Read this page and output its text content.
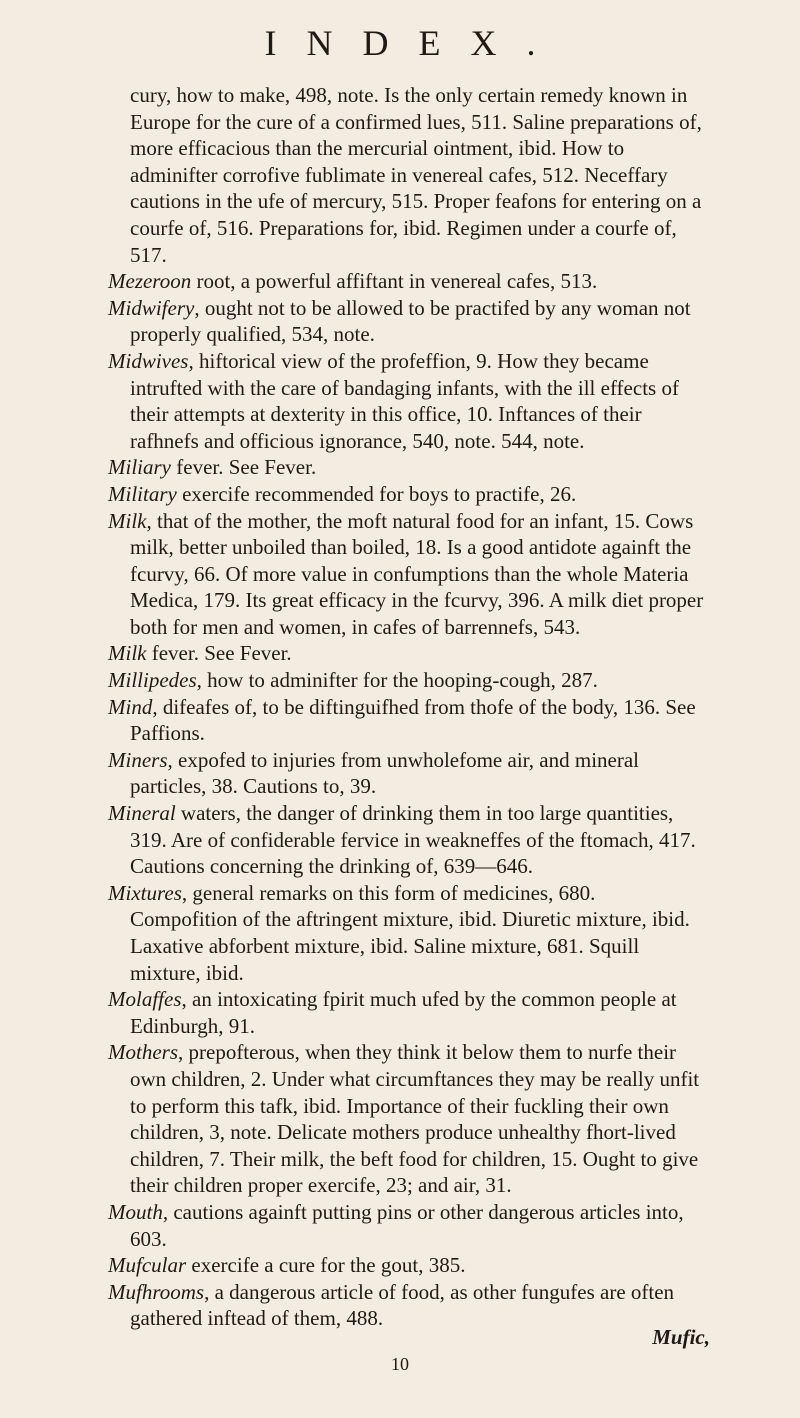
INDEX.

cury, how to make, 498, note. Is the only certain remedy known in Europe for the cure of a confirmed lues, 511. Saline preparations of, more efficacious than the mercurial ointment, ibid. How to adminifter corrofive fublimate in venereal cafes, 512. Neceffary cautions in the ufe of mercury, 515. Proper feafons for entering on a courfe of, 516. Preparations for, ibid. Regimen under a courfe of, 517.

Mezeroon root, a powerful affiftant in venereal cafes, 513.

Midwifery, ought not to be allowed to be practifed by any woman not properly qualified, 534, note.

Midwives, hiftorical view of the profeffion, 9. How they became intrufted with the care of bandaging infants, with the ill effects of their attempts at dexterity in this office, 10. Inftances of their rafhnefs and officious ignorance, 540, note. 544, note.

Miliary fever. See Fever.

Military exercife recommended for boys to practife, 26.

Milk, that of the mother, the moft natural food for an infant, 15. Cows milk, better unboiled than boiled, 18. Is a good antidote againft the fcurvy, 66. Of more value in confumptions than the whole Materia Medica, 179. Its great efficacy in the fcurvy, 396. A milk diet proper both for men and women, in cafes of barrennefs, 543.

Milk fever. See Fever.

Millipedes, how to adminifter for the hooping-cough, 287.

Mind, difeafes of, to be diftinguifhed from thofe of the body, 136. See Paffions.

Miners, expofed to injuries from unwholefome air, and mineral particles, 38. Cautions to, 39.

Mineral waters, the danger of drinking them in too large quantities, 319. Are of confiderable fervice in weakneffes of the ftomach, 417. Cautions concerning the drinking of, 639—646.

Mixtures, general remarks on this form of medicines, 680. Compofition of the aftringent mixture, ibid. Diuretic mixture, ibid. Laxative abforbent mixture, ibid. Saline mixture, 681. Squill mixture, ibid.

Molaffes, an intoxicating fpirit much ufed by the common people at Edinburgh, 91.

Mothers, prepofterous, when they think it below them to nurfe their own children, 2. Under what circumftances they may be really unfit to perform this tafk, ibid. Importance of their fuckling their own children, 3, note. Delicate mothers produce unhealthy fhort-lived children, 7. Their milk, the beft food for children, 15. Ought to give their children proper exercife, 23; and air, 31.

Mouth, cautions againft putting pins or other dangerous articles into, 603.

Mufcular exercife a cure for the gout, 385.

Mufhrooms, a dangerous article of food, as other fungufes are often gathered inftead of them, 488.

Mufic,
10
